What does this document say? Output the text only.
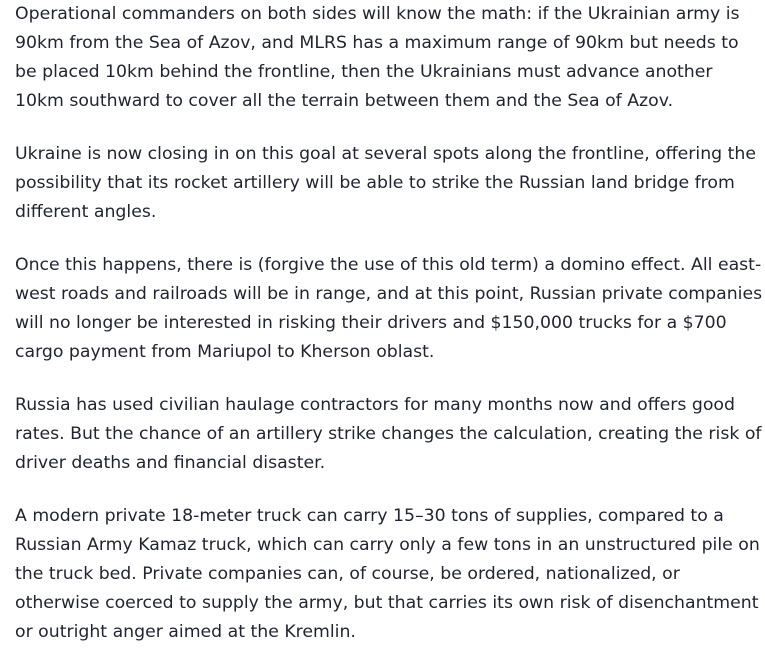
Operational commanders on both sides will know the math: if the Ukrainian army is 90km from the Sea of Azov, and MLRS has a maximum range of 90km but needs to be placed 10km behind the frontline, then the Ukrainians must advance another 10km southward to cover all the terrain between them and the Sea of Azov.

Ukraine is now closing in on this goal at several spots along the frontline, offering the possibility that its rocket artillery will be able to strike the Russian land bridge from different angles.

Once this happens, there is (forgive the use of this old term) a domino effect. All east-west roads and railroads will be in range, and at this point, Russian private companies will no longer be interested in risking their drivers and $150,000 trucks for a $700 cargo payment from Mariupol to Kherson oblast.

Russia has used civilian haulage contractors for many months now and offers good rates. But the chance of an artillery strike changes the calculation, creating the risk of driver deaths and financial disaster.

A modern private 18-meter truck can carry 15–30 tons of supplies, compared to a Russian Army Kamaz truck, which can carry only a few tons in an unstructured pile on the truck bed. Private companies can, of course, be ordered, nationalized, or otherwise coerced to supply the army, but that carries its own risk of disenchantment or outright anger aimed at the Kremlin.
